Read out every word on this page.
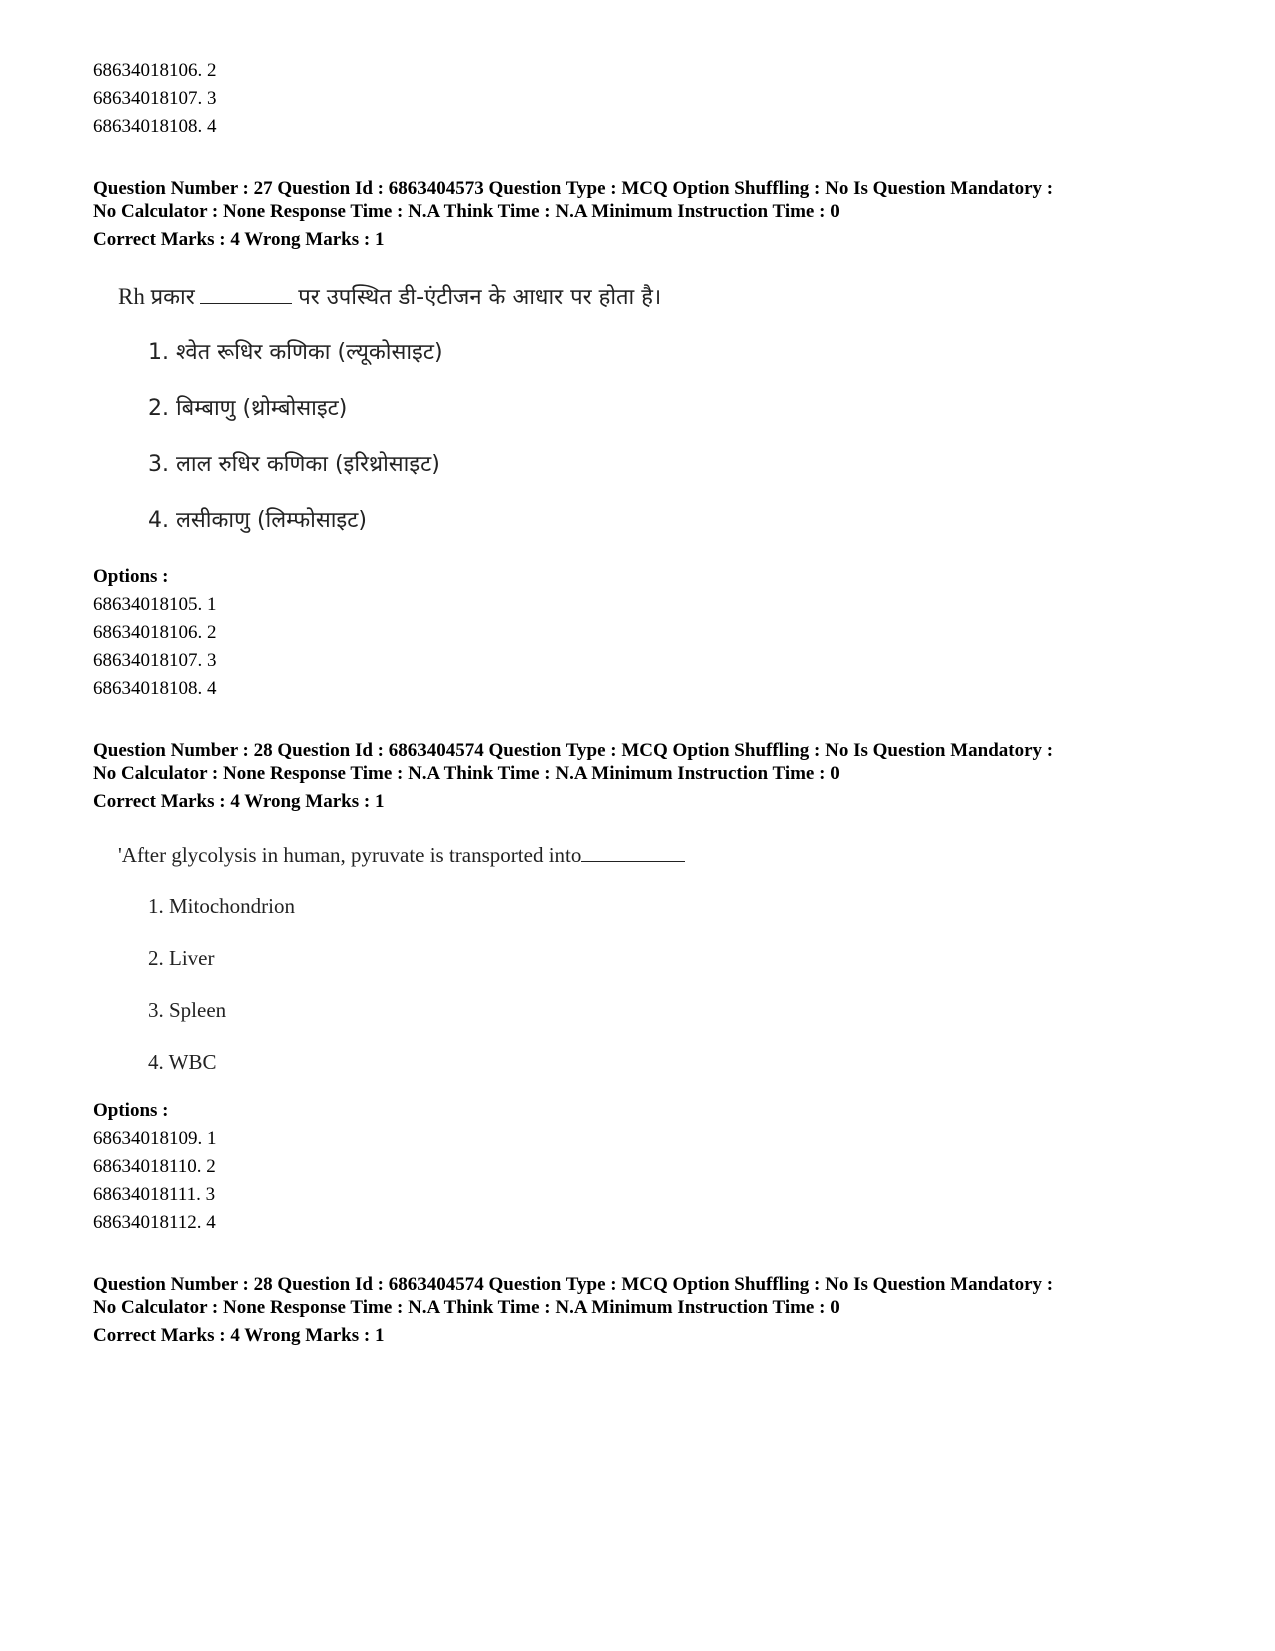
68634018106. 2
68634018107. 3
68634018108. 4
Question Number : 27 Question Id : 6863404573 Question Type : MCQ Option Shuffling : No Is Question Mandatory :
No Calculator : None Response Time : N.A Think Time : N.A Minimum Instruction Time : 0
Correct Marks : 4 Wrong Marks : 1
Rh प्रकार	पर उपस्थित डी-एंटीजन के आधार पर होता है।
1. श्वेत रूधिर कणिका (ल्यूकोसाइट)
2. बिम्बाणु (थ्रोम्बोसाइट)
3. लाल रुधिर कणिका (इरिथ्रोसाइट)
4. लसीकाणु (लिम्फोसाइट)
Options :
68634018105. 1
68634018106. 2
68634018107. 3
68634018108. 4
Question Number : 28 Question Id : 6863404574 Question Type : MCQ Option Shuffling : No Is Question Mandatory :
No Calculator : None Response Time : N.A Think Time : N.A Minimum Instruction Time : 0
Correct Marks : 4 Wrong Marks : 1
'After glycolysis in human, pyruvate is transported into
1. Mitochondrion
2. Liver
3. Spleen
4. WBC
Options :
68634018109. 1
68634018110. 2
68634018111. 3
68634018112. 4
Question Number : 28 Question Id : 6863404574 Question Type : MCQ Option Shuffling : No Is Question Mandatory :
No Calculator : None Response Time : N.A Think Time : N.A Minimum Instruction Time : 0
Correct Marks : 4 Wrong Marks : 1
